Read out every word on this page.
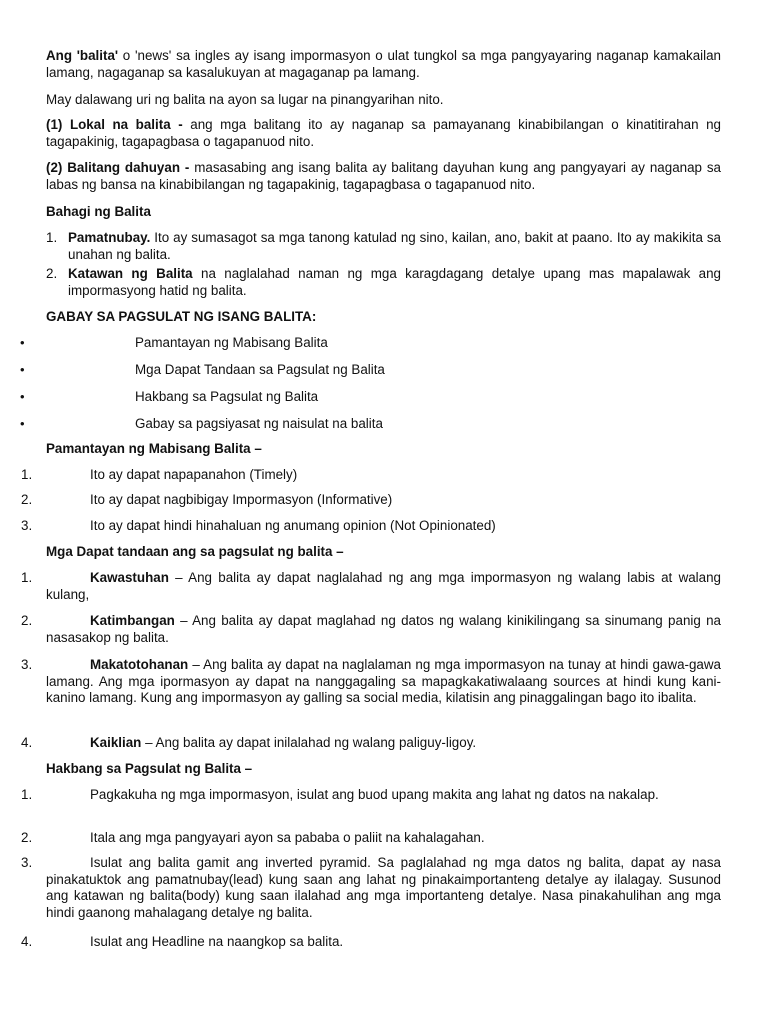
Ang 'balita' o 'news' sa ingles ay isang impormasyon o ulat tungkol sa mga pangyayaring naganap kamakailan lamang, nagaganap sa kasalukuyan at magaganap pa lamang.
May dalawang uri ng balita na ayon sa lugar na pinangyarihan nito.
(1) Lokal na balita - ang mga balitang ito ay naganap sa pamayanang kinabibilangan o kinatitirahan ng tagapakinig, tagapagbasa o tagapanuod nito.
(2) Balitang dahuyan - masasabing ang isang balita ay balitang dayuhan kung ang pangyayari ay naganap sa labas ng bansa na kinabibilangan ng tagapakinig, tagapagbasa o tagapanuod nito.
Bahagi ng Balita
1. Pamatnubay. Ito ay sumasagot sa mga tanong katulad ng sino, kailan, ano, bakit at paano. Ito ay makikita sa unahan ng balita.
2. Katawan ng Balita na naglalahad naman ng mga karagdagang detalye upang mas mapalawak ang impormasyong hatid ng balita.
GABAY SA PAGSULAT NG ISANG BALITA:
•	Pamantayan ng Mabisang Balita
•	Mga Dapat Tandaan sa Pagsulat ng Balita
•	Hakbang sa Pagsulat ng Balita
•	Gabay sa pagsiyasat ng naisulat na balita
Pamantayan ng Mabisang Balita –
1.	Ito ay dapat napapanahon (Timely)
2.	Ito ay dapat nagbibigay Impormasyon (Informative)
3.	Ito ay dapat hindi hinahaluan ng anumang opinion (Not Opinionated)
Mga Dapat tandaan ang sa pagsulat ng balita –
1.	Kawastuhan – Ang balita ay dapat naglalahad ng ang mga impormasyon ng walang labis at walang kulang,
2.	Katimbangan – Ang balita ay dapat maglahad ng datos ng walang kinikilingang sa sinumang panig na nasasakop ng balita.
3.	Makatotohanan – Ang balita ay dapat na naglalaman ng mga impormasyon na tunay at hindi gawa-gawa lamang. Ang mga ipormasyon ay dapat na nanggagaling sa mapagkakatiwalaang sources at hindi kung kani-kanino lamang. Kung ang impormasyon ay galling sa social media, kilatisin ang pinaggalingan bago ito ibalita.
4.	Kaiklian – Ang balita ay dapat inilalahad ng walang paliguy-ligoy.
Hakbang sa Pagsulat ng Balita –
1.	Pagkakuha ng mga impormasyon, isulat ang buod upang makita ang lahat ng datos na nakalap.
2.	Itala ang mga pangyayari ayon sa pababa o paliit na kahalagahan.
3.	Isulat ang balita gamit ang inverted pyramid. Sa paglalahad ng mga datos ng balita, dapat ay nasa pinakatuktok ang pamatnubay(lead) kung saan ang lahat ng pinakaimportanteng detalye ay ilalagay. Susunod ang katawan ng balita(body) kung saan ilalahad ang mga importanteng detalye. Nasa pinakahulihan ang mga hindi gaanong mahalagang detalye ng balita.
4.	Isulat ang Headline na naangkop sa balita.
